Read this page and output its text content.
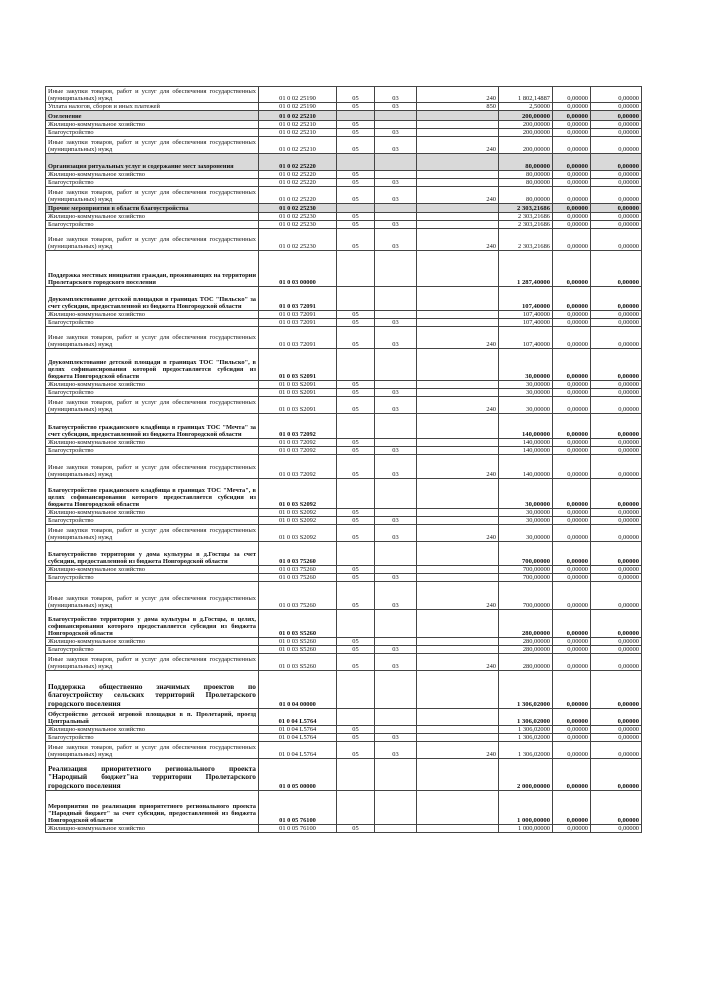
Иные закупки товаров, работ и услуг для обеспечения государственных (муниципальных) нужд	01 0 02 25190	05	03	240	1 802,14887	0,00000	0,00000
Уплата налогов, сборов и иных платежей	01 0 02 25190	05	03	850	2,50000	0,00000	0,00000
Озеленение	01 0 02 25210				200,00000	0,00000	0,00000
Жилищно-коммунальное хозяйство	01 0 02 25210	05			200,00000	0,00000	0,00000
Благоустройство	01 0 02 25210	05	03		200,00000	0,00000	0,00000
Иные закупки товаров, работ и услуг для обеспечения государственных (муниципальных) нужд	01 0 02 25210	05	03	240	200,00000	0,00000	0,00000
Организация ритуальных услуг и содержание мест захоронения	01 0 02 25220				80,00000	0,00000	0,00000
Жилищно-коммунальное хозяйство	01 0 02 25220	05			80,00000	0,00000	0,00000
Благоустройство	01 0 02 25220	05	03		80,00000	0,00000	0,00000
Иные закупки товаров, работ и услуг для обеспечения государственных (муниципальных) нужд	01 0 02 25220	05	03	240	80,00000	0,00000	0,00000
Прочие мероприятия в области благоустройства	01 0 02 25230				2 303,21686	0,00000	0,00000
Жилищно-коммунальное хозяйство	01 0 02 25230	05			2 303,21686	0,00000	0,00000
Благоустройство	01 0 02 25230	05	03		2 303,21686	0,00000	0,00000
Иные закупки товаров, работ и услуг для обеспечения государственных (муниципальных) нужд	01 0 02 25230	05	03	240	2 303,21686	0,00000	0,00000
Поддержка местных инициатив граждан, проживающих на территории Пролетарского городского поселения	01 0 03 00000				1 287,40000	0,00000	0,00000
Доукомплектование детской площадки в границах ТОС "Пильско" за счет субсидии, предоставленной из бюджета Новгородской области	01 0 03 72091				107,40000	0,00000	0,00000
Жилищно-коммунальное хозяйство	01 0 03 72091	05			107,40000	0,00000	0,00000
Благоустройство	01 0 03 72091	05	03		107,40000	0,00000	0,00000
Иные закупки товаров, работ и услуг для обеспечения государственных (муниципальных) нужд	01 0 03 72091	05	03	240	107,40000	0,00000	0,00000
Доукомплектование детской площади в границах ТОС "Пильско", в целях софинансирования которой предоставляется субсидия из бюджета Новгородской области	01 0 03 S2091				30,00000	0,00000	0,00000
Жилищно-коммунальное хозяйство	01 0 03 S2091	05			30,00000	0,00000	0,00000
Благоустройство	01 0 03 S2091	05	03		30,00000	0,00000	0,00000
Иные закупки товаров, работ и услуг для обеспечения государственных (муниципальных) нужд	01 0 03 S2091	05	03	240	30,00000	0,00000	0,00000
Благоустройство гражданского кладбища в границах ТОС "Мечта" за счет субсидии, предоставленной из бюджета Новгородской области	01 0 03 72092				140,00000	0,00000	0,00000
Жилищно-коммунальное хозяйство	01 0 03 72092	05			140,00000	0,00000	0,00000
Благоустройство	01 0 03 72092	05	03		140,00000	0,00000	0,00000
Иные закупки товаров, работ и услуг для обеспечения государственных (муниципальных) нужд	01 0 03 72092	05	03	240	140,00000	0,00000	0,00000
Благоустройство гражданского кладбища в границах ТОС "Мечта", в целях софинансирования которого предоставляется субсидия из бюджета Новгородской области	01 0 03 S2092				30,00000	0,00000	0,00000
Жилищно-коммунальное хозяйство	01 0 03 S2092	05			30,00000	0,00000	0,00000
Благоустройство	01 0 03 S2092	05	03		30,00000	0,00000	0,00000
Иные закупки товаров, работ и услуг для обеспечения государственных (муниципальных) нужд	01 0 03 S2092	05	03	240	30,00000	0,00000	0,00000
Благоустройство территории у дома культуры в д.Гостцы за счет субсидии, предоставленной из бюджета Новгородской области	01 0 03 75260				700,00000	0,00000	0,00000
Жилищно-коммунальное хозяйство	01 0 03 75260	05			700,00000	0,00000	0,00000
Благоустройство	01 0 03 75260	05	03		700,00000	0,00000	0,00000
Иные закупки товаров, работ и услуг для обеспечения государственных (муниципальных) нужд	01 0 03 75260	05	03	240	700,00000	0,00000	0,00000
Благоустройство территории у дома культуры в д.Гостцы, в целях, софинансирования которого предоставляется субсидия из бюджета Новгородской области	01 0 03 S5260				280,00000	0,00000	0,00000
Жилищно-коммунальное хозяйство	01 0 03 S5260	05			280,00000	0,00000	0,00000
Благоустройство	01 0 03 S5260	05	03		280,00000	0,00000	0,00000
Иные закупки товаров, работ и услуг для обеспечения государственных (муниципальных) нужд	01 0 03 S5260	05	03	240	280,00000	0,00000	0,00000
Поддержка общественно значимых проектов по благоустройству сельских территорий Пролетарского городского поселения	01 0 04 00000				1 306,02000	0,00000	0,00000
Обустройство детской игровой площадки в п. Пролетарий, проезд Центральный	01 0 04 L5764				1 306,02000	0,00000	0,00000
Жилищно-коммунальное хозяйство	01 0 04 L5764	05			1 306,02000	0,00000	0,00000
Благоустройство	01 0 04 L5764	05	03		1 306,02000	0,00000	0,00000
Иные закупки товаров, работ и услуг для обеспечения государственных (муниципальных) нужд	01 0 04 L5764	05	03	240	1 306,02000	0,00000	0,00000
Реализация приоритетного регионального проекта "Народный бюджет"на территории Пролетарского городского поселения	01 0 05 00000				2 000,00000	0,00000	0,00000
Мероприятия по реализации приоритетного регионального проекта "Народный бюджет" за счет субсидии, предоставленной из бюджета Новгородской области	01 0 05 76100				1 000,00000	0,00000	0,00000
Жилищно-коммунальное хозяйство	01 0 05 76100	05			1 000,00000	0,00000	0,00000
